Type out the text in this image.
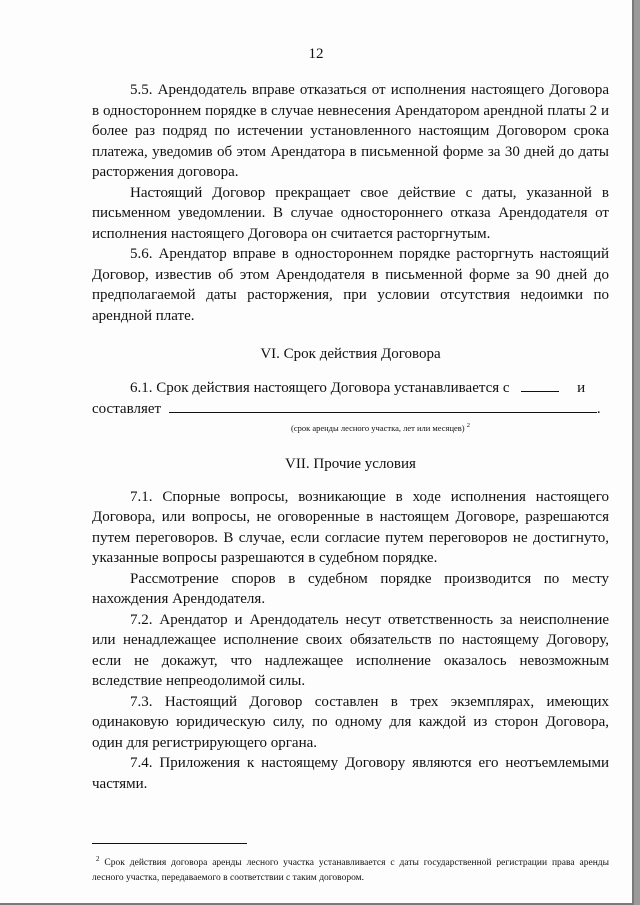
12

5.5. Арендодатель вправе отказаться от исполнения настоящего Договора в одностороннем порядке в случае невнесения Арендатором арендной платы 2 и более раз подряд по истечении установленного настоящим Договором срока платежа, уведомив об этом Арендатора в письменной форме за 30 дней до даты расторжения договора.

Настоящий Договор прекращает свое действие с даты, указанной в письменном уведомлении. В случае одностороннего отказа Арендодателя от исполнения настоящего Договора он считается расторгнутым.

5.6. Арендатор вправе в одностороннем порядке расторгнуть настоящий Договор, известив об этом Арендодателя в письменной форме за 90 дней до предполагаемой даты расторжения, при условии отсутствия недоимки по арендной плате.

VI. Срок действия Договора

6.1. Срок действия настоящего Договора устанавливается с	и

составляет	.
(срок аренды лесного участка, лет или месяцев) $^2$
VII. Прочие условия

7.1. Спорные вопросы, возникающие в ходе исполнения настоящего Договора, или вопросы, не оговоренные в настоящем Договоре, разрешаются путем переговоров. В случае, если согласие путем переговоров не достигнуто, указанные вопросы разрешаются в судебном порядке.

Рассмотрение споров в судебном порядке производится по месту нахождения Арендодателя.

7.2. Арендатор и Арендодатель несут ответственность за неисполнение или ненадлежащее исполнение своих обязательств по настоящему Договору, если не докажут, что надлежащее исполнение оказалось невозможным вследствие непреодолимой силы.

7.3. Настоящий Договор составлен в трех экземплярах, имеющих одинаковую юридическую силу, по одному для каждой из сторон Договора, один для регистрирующего органа.

7.4. Приложения к настоящему Договору являются его неотъемлемыми частями.

$^2$ Срок действия договора аренды лесного участка устанавливается с даты государственной регистрации права аренды лесного участка, передаваемого в соответствии с таким договором.
